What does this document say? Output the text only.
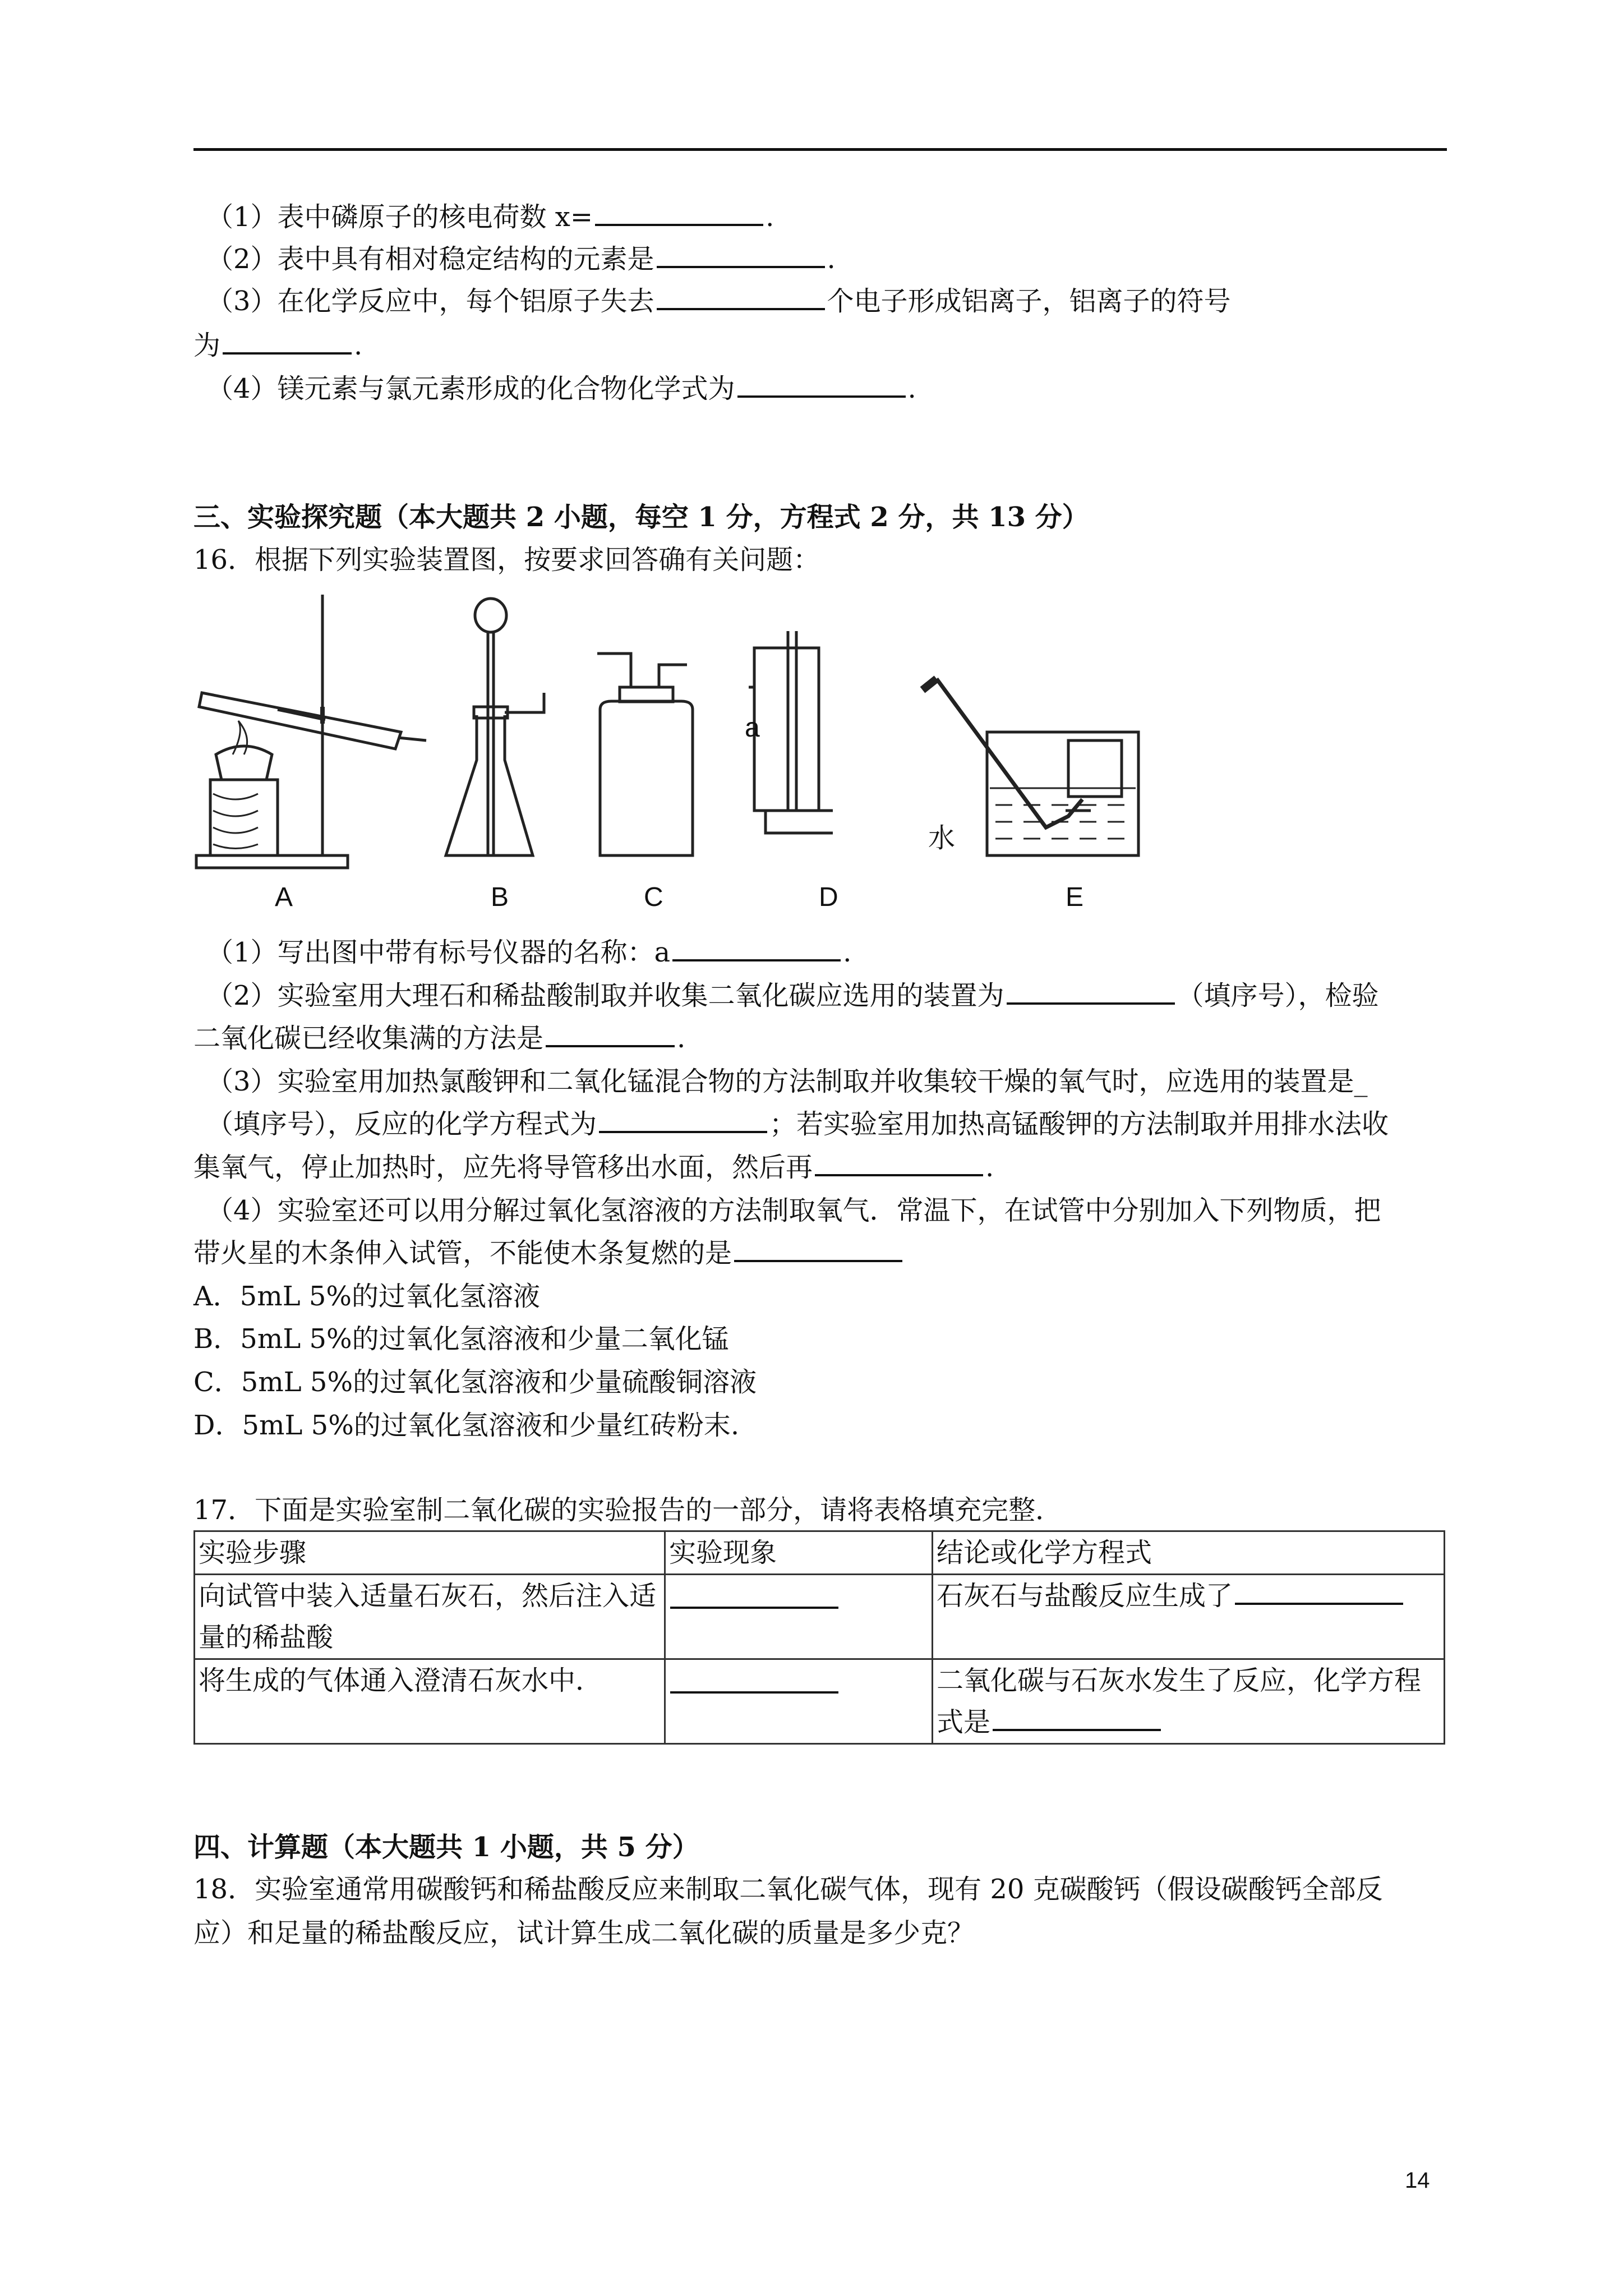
（1）表中磷原子的核电荷数 x=	.
（2）表中具有相对稳定结构的元素是	.
（3）在化学反应中，每个铝原子失去	个电子形成铝离子，铝离子的符号
为	.
（4）镁元素与氯元素形成的化合物化学式为	.
三、实验探究题（本大题共 2 小题，每空 1 分，方程式 2 分，共 13 分）
16．根据下列实验装置图，按要求回答确有关问题：
a
水
A	B	C	D	E
（1）写出图中带有标号仪器的名称：a	.
（2）实验室用大理石和稀盐酸制取并收集二氧化碳应选用的装置为	（填序号），检验
二氧化碳已经收集满的方法是	.
（3）实验室用加热氯酸钾和二氧化锰混合物的方法制取并收集较干燥的氧气时，应选用的装置是_
（填序号），反应的化学方程式为	；若实验室用加热高锰酸钾的方法制取并用排水法收
集氧气，停止加热时，应先将导管移出水面，然后再	.
（4）实验室还可以用分解过氧化氢溶液的方法制取氧气．常温下，在试管中分别加入下列物质，把
带火星的木条伸入试管，不能使木条复燃的是
A．5mL 5%的过氧化氢溶液
B．5mL 5%的过氧化氢溶液和少量二氧化锰
C．5mL 5%的过氧化氢溶液和少量硫酸铜溶液
D．5mL 5%的过氧化氢溶液和少量红砖粉末.
17．下面是实验室制二氧化碳的实验报告的一部分，请将表格填充完整．
实验步骤	实验现象	结论或化学方程式
向试管中装入适量石灰石，然后注入适量的稀盐酸		石灰石与盐酸反应生成了
将生成的气体通入澄清石灰水中．		二氧化碳与石灰水发生了反应，化学方程式是
四、计算题（本大题共 1 小题，共 5 分）
18．实验室通常用碳酸钙和稀盐酸反应来制取二氧化碳气体，现有 20 克碳酸钙（假设碳酸钙全部反
应）和足量的稀盐酸反应，试计算生成二氧化碳的质量是多少克？
14
